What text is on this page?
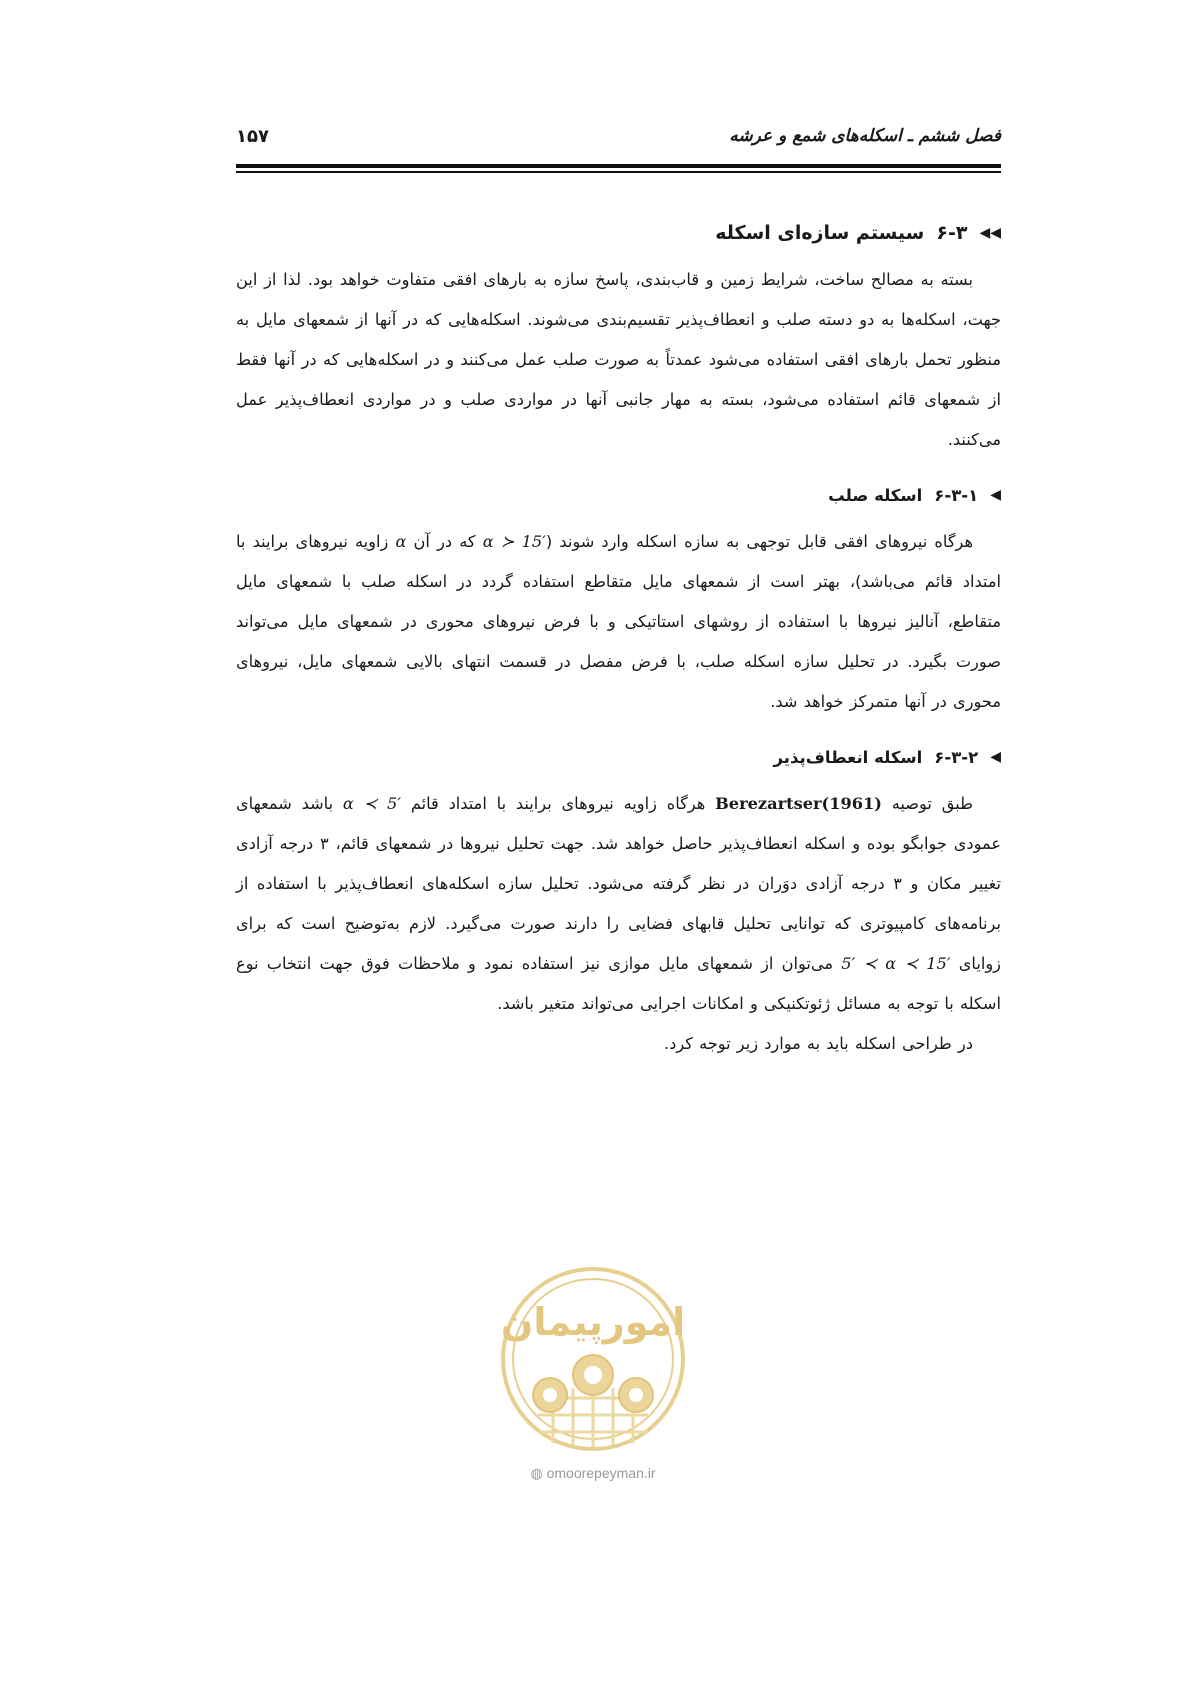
فصل ششم ـ اسکله‌های شمع و عرشه
۱۵۷
◀◀
۶-۳
سیستم سازه‌ای اسکله

بسته به مصالح ساخت، شرایط زمین و قاب‌بندی، پاسخ سازه به بارهای افقی متفاوت خواهد بود. لذا از این جهت، اسکله‌ها به دو دسته صلب و انعطاف‌پذیر تقسیم‌بندی می‌شوند. اسکله‌هایی که در آنها از شمعهای مایل به منظور تحمل بارهای افقی استفاده می‌شود عمدتاً به صورت صلب عمل می‌کنند و در اسکله‌هایی که در آنها فقط از شمعهای قائم استفاده می‌شود، بسته به مهار جانبی آنها در مواردی صلب و در مواردی انعطاف‌پذیر عمل می‌کنند.

◀
۶-۳-۱
اسکله صلب

هرگاه نیروهای افقی قابل توجهی به سازه اسکله وارد شوند (α ≻ 15′ که در آن α زاویه نیروهای برایند با امتداد قائم می‌باشد)، بهتر است از شمعهای مایل متقاطع استفاده گردد در اسکله صلب با شمعهای مایل متقاطع، آنالیز نیروها با استفاده از روشهای استاتیکی و با فرض نیروهای محوری در شمعهای مایل می‌تواند صورت بگیرد. در تحلیل سازه اسکله صلب، با فرض مفصل در قسمت انتهای بالایی شمعهای مایل، نیروهای محوری در آنها متمرکز خواهد شد.

◀
۶-۳-۲
اسکله انعطاف‌پذیر

طبق توصیه Berezartser(1961) هرگاه زاویه نیروهای برایند با امتداد قائم α ≺ 5′ باشد شمعهای عمودی جوابگو بوده و اسکله انعطاف‌پذیر حاصل خواهد شد. جهت تحلیل نیروها در شمعهای قائم، ۳ درجه آزادی تغییر مکان و ۳ درجه آزادی دوَران در نظر گرفته می‌شود. تحلیل سازه اسکله‌های انعطاف‌پذیر با استفاده از برنامه‌های کامپیوتری که توانایی تحلیل قابهای فضایی را دارند صورت می‌گیرد. لازم به‌توضیح است که برای زوایای 5′ ≺ α ≺ 15′ می‌توان از شمعهای مایل موازی نیز استفاده نمود و ملاحظات فوق جهت انتخاب نوع اسکله با توجه به مسائل ژئوتکنیکی و امکانات اجرایی می‌تواند متغیر باشد.

در طراحی اسکله باید به موارد زیر توجه کرد.

امورپیمان
◍ omoorepeyman.ir
